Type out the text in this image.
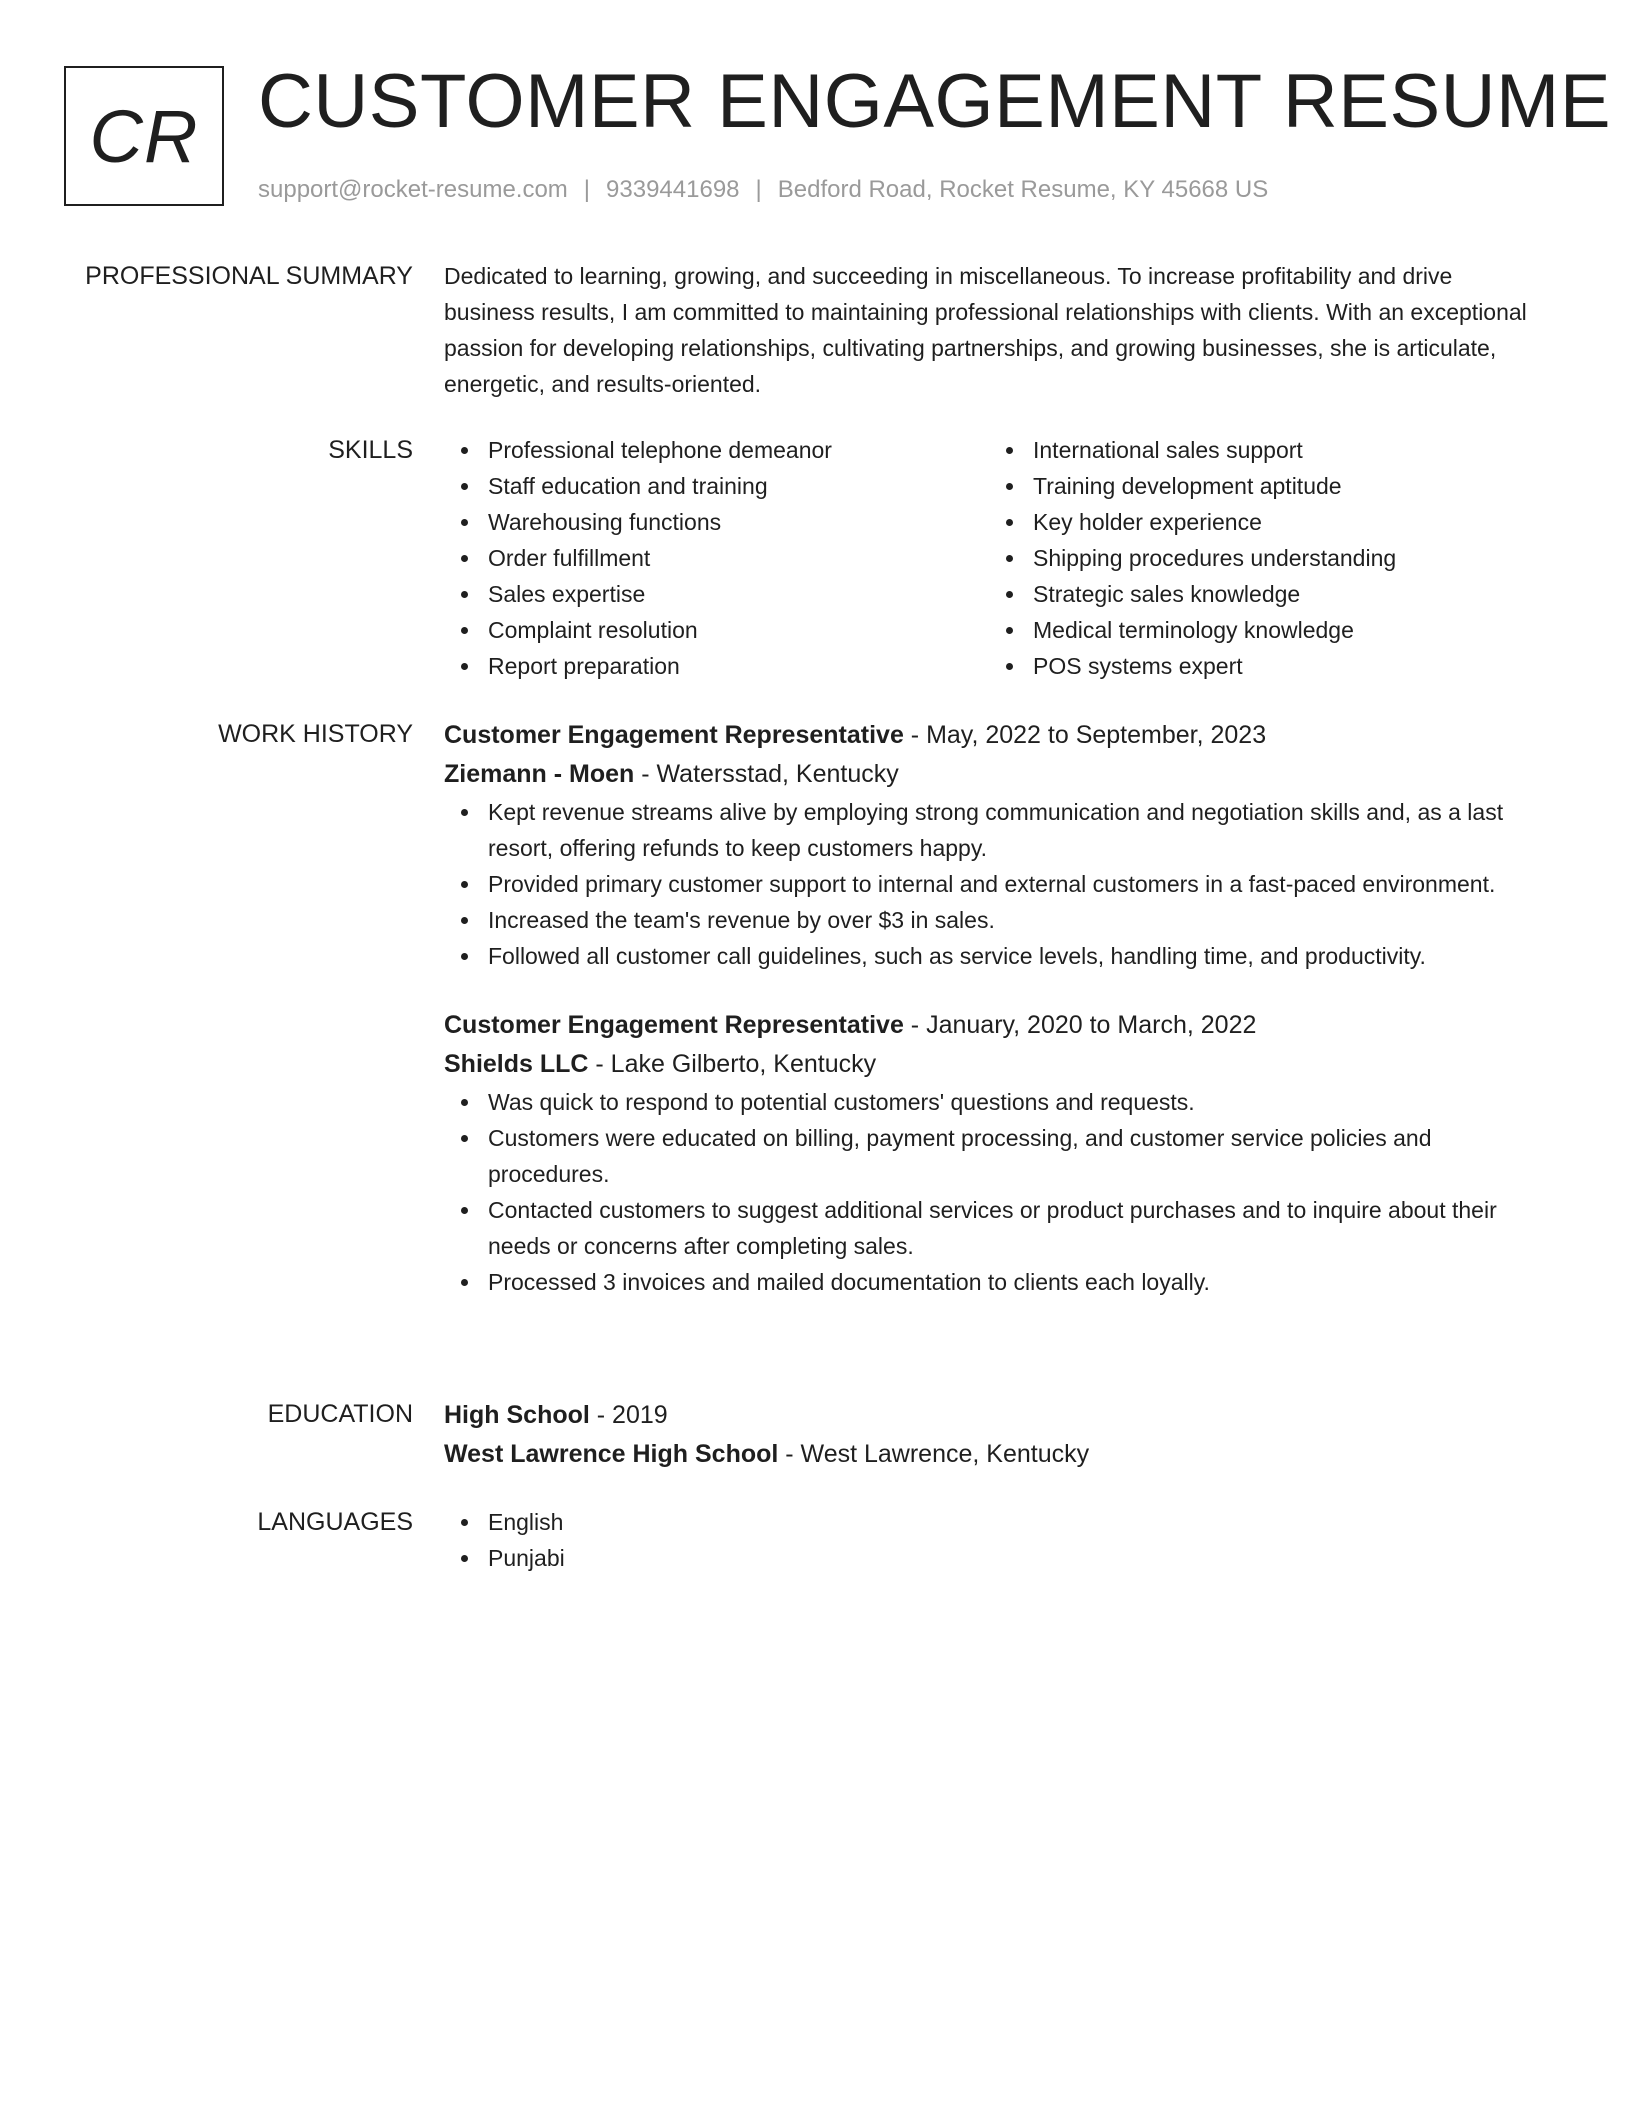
CR CUSTOMER ENGAGEMENT RESUME
support@rocket-resume.com | 9339441698 | Bedford Road, Rocket Resume, KY 45668 US
PROFESSIONAL SUMMARY Dedicated to learning, growing, and succeeding in miscellaneous. To increase profitability and drive business results, I am committed to maintaining professional relationships with clients. With an exceptional passion for developing relationships, cultivating partnerships, and growing businesses, she is articulate, energetic, and results-oriented.

SKILLS	Professional telephone demeanor
Staff education and training
Warehousing functions
Order fulfillment
Sales expertise
Complaint resolution
Report preparation
International sales support
Training development aptitude
Key holder experience
Shipping procedures understanding
Strategic sales knowledge
Medical terminology knowledge
POS systems expert
WORK HISTORY Customer Engagement Representative - May, 2022 to September, 2023
Ziemann - Moen - Watersstad, Kentucky
Kept revenue streams alive by employing strong communication and negotiation skills and, as a last resort, offering refunds to keep customers happy.
Provided primary customer support to internal and external customers in a fast-paced environment.
Increased the team's revenue by over $3 in sales.
Followed all customer call guidelines, such as service levels, handling time, and productivity.
Customer Engagement Representative - January, 2020 to March, 2022
Shields LLC - Lake Gilberto, Kentucky
Was quick to respond to potential customers' questions and requests.
Customers were educated on billing, payment processing, and customer service policies and procedures.
Contacted customers to suggest additional services or product purchases and to inquire about their needs or concerns after completing sales.
Processed 3 invoices and mailed documentation to clients each loyally.
EDUCATION High School - 2019
West Lawrence High School - West Lawrence, Kentucky
LANGUAGES	English
Punjabi
